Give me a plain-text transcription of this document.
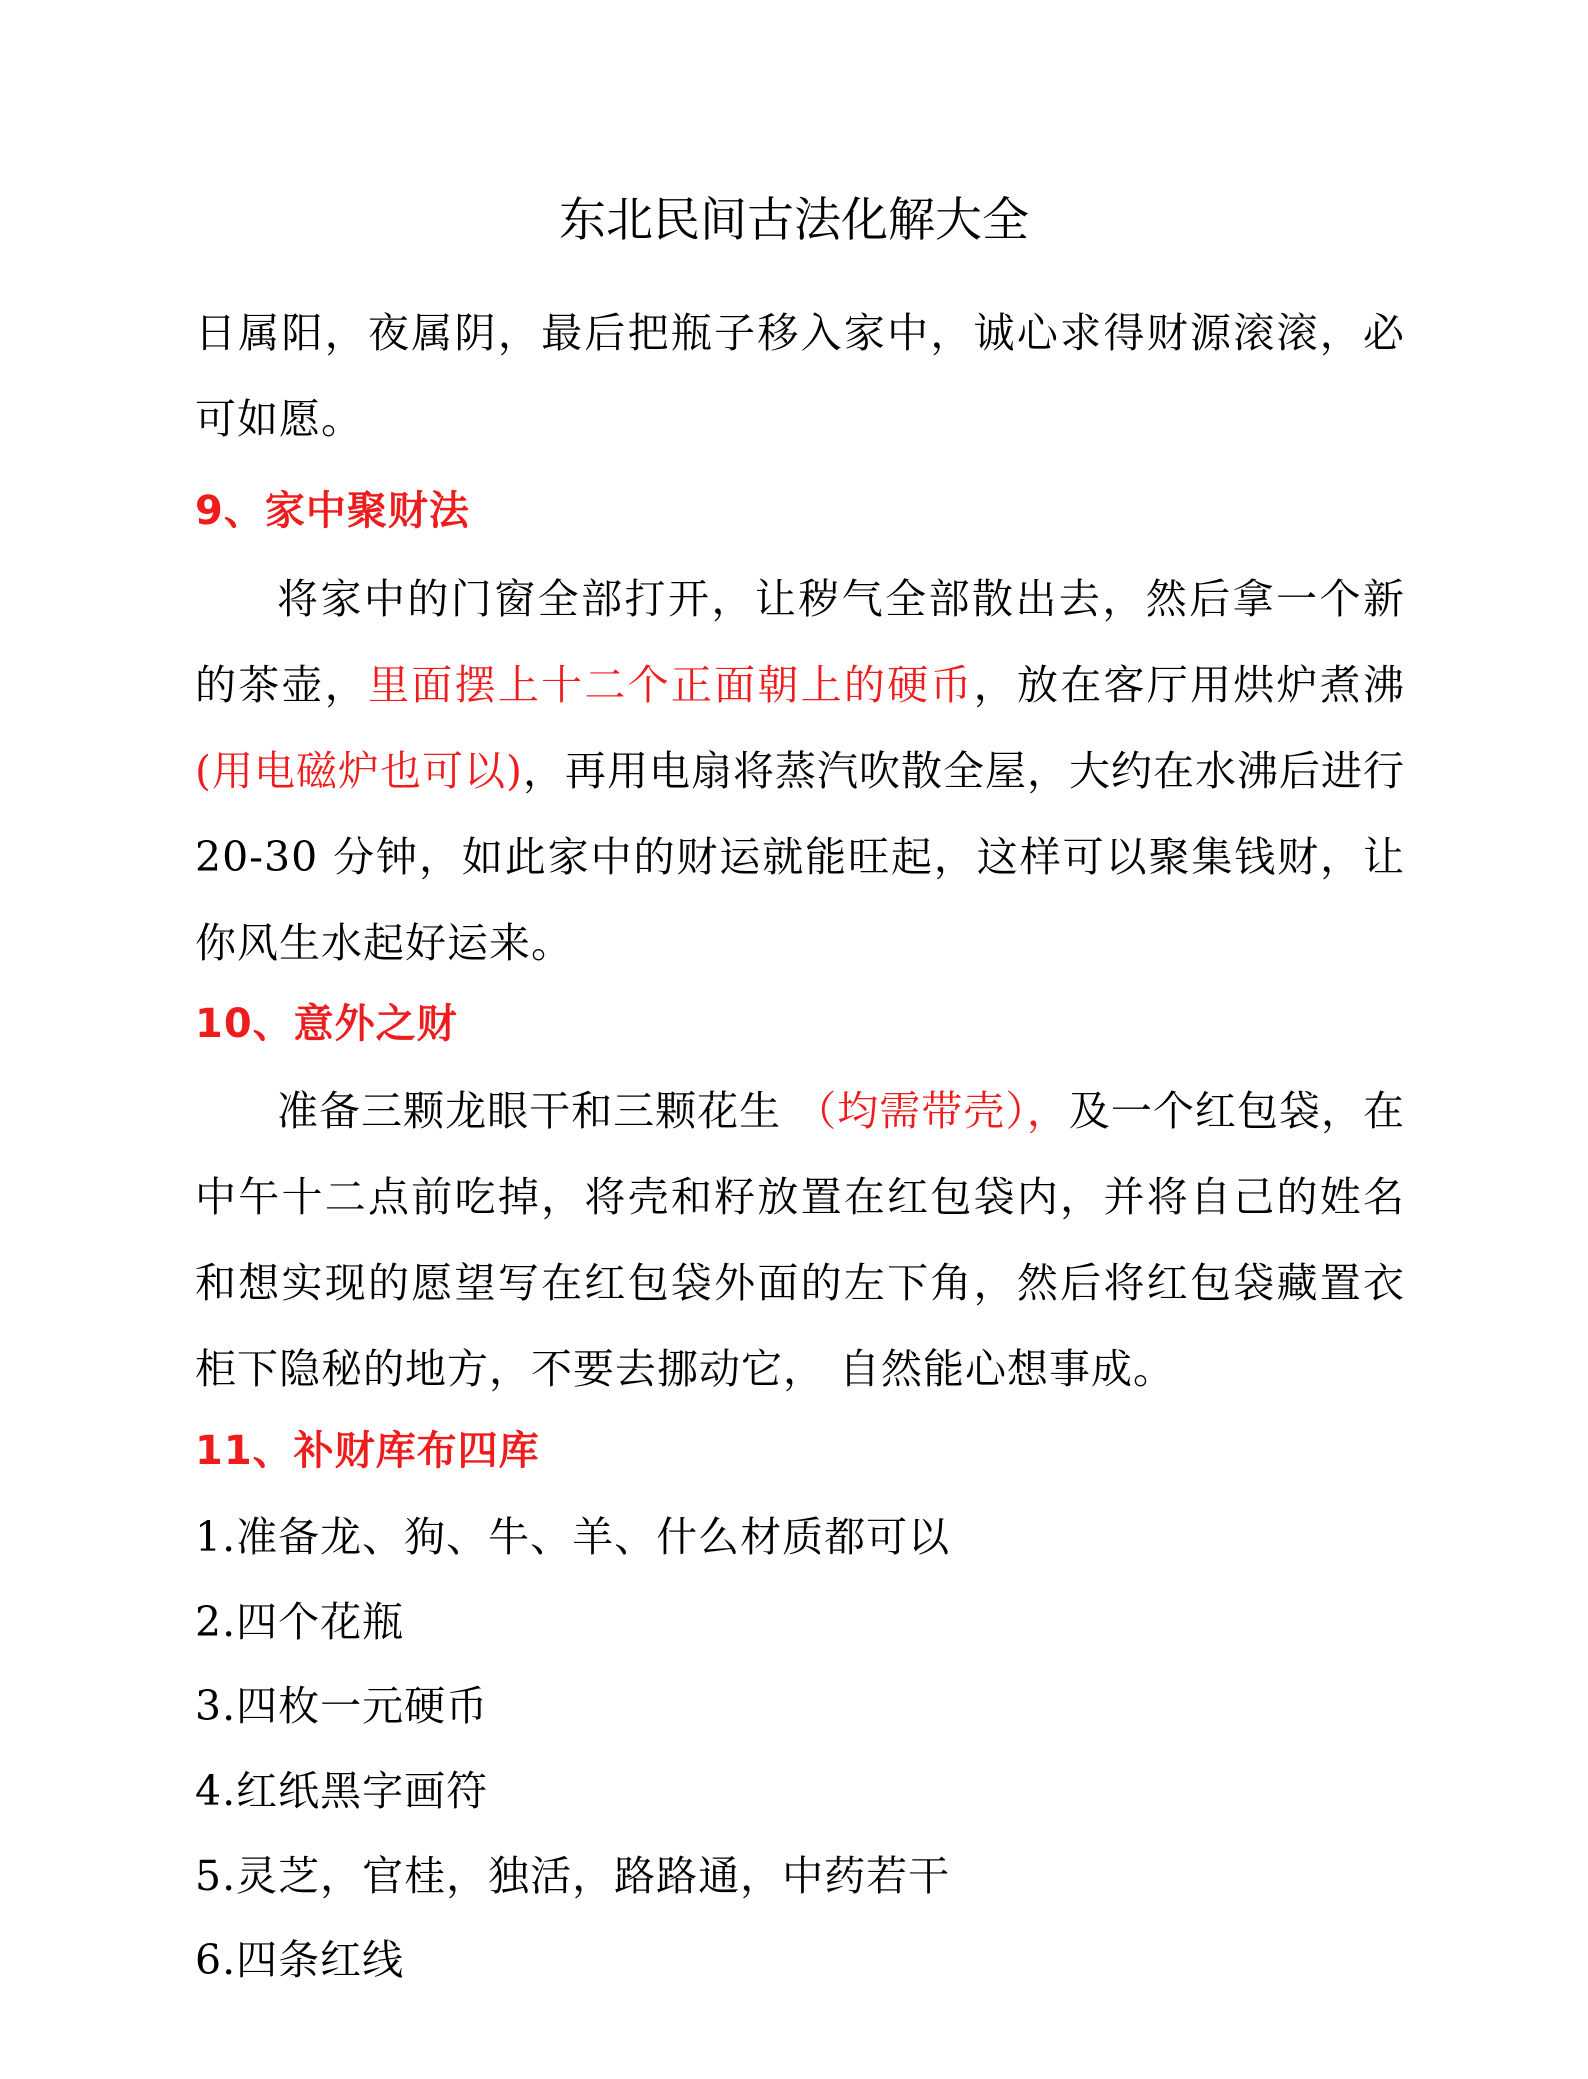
东北民间古法化解大全

日属阳，夜属阴，最后把瓶子移入家中，诚心求得财源滚滚，必可如愿。

9、家中聚财法

将家中的门窗全部打开，让秽气全部散出去，然后拿一个新的茶壶，里面摆上十二个正面朝上的硬币，放在客厅用烘炉煮沸(用电磁炉也可以)，再用电扇将蒸汽吹散全屋，大约在水沸后进行 20-30 分钟，如此家中的财运就能旺起，这样可以聚集钱财，让你风生水起好运来。

10、意外之财

准备三颗龙眼干和三颗花生 （均需带壳），及一个红包袋，在中午十二点前吃掉，将壳和籽放置在红包袋内，并将自己的姓名和想实现的愿望写在红包袋外面的左下角，然后将红包袋藏置衣柜下隐秘的地方，不要去挪动它， 自然能心想事成。

11、补财库布四库

1.准备龙、狗、牛、羊、什么材质都可以

2.四个花瓶

3.四枚一元硬币

4.红纸黑字画符

5.灵芝，官桂，独活，路路通，中药若干

6.四条红线
